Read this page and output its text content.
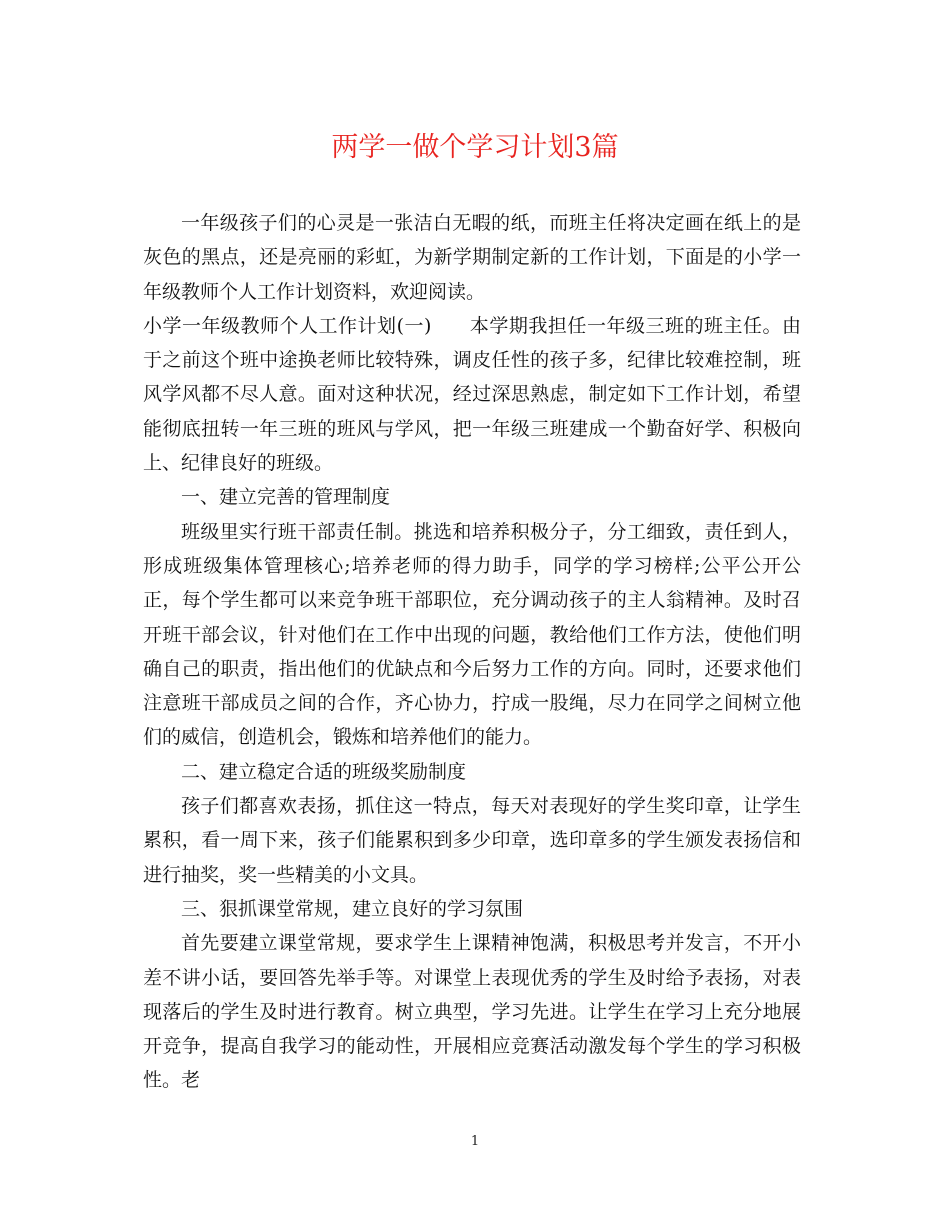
两学一做个学习计划3篇

一年级孩子们的心灵是一张洁白无暇的纸，而班主任将决定画在纸上的是灰色的黑点，还是亮丽的彩虹，为新学期制定新的工作计划，下面是的小学一年级教师个人工作计划资料，欢迎阅读。

小学一年级教师个人工作计划(一) 本学期我担任一年级三班的班主任。由于之前这个班中途换老师比较特殊，调皮任性的孩子多，纪律比较难控制，班风学风都不尽人意。面对这种状况，经过深思熟虑，制定如下工作计划，希望能彻底扭转一年三班的班风与学风，把一年级三班建成一个勤奋好学、积极向上、纪律良好的班级。

一、建立完善的管理制度

班级里实行班干部责任制。挑选和培养积极分子，分工细致，责任到人，形成班级集体管理核心;培养老师的得力助手，同学的学习榜样;公平公开公正，每个学生都可以来竞争班干部职位，充分调动孩子的主人翁精神。及时召开班干部会议，针对他们在工作中出现的问题，教给他们工作方法，使他们明确自己的职责，指出他们的优缺点和今后努力工作的方向。同时，还要求他们注意班干部成员之间的合作，齐心协力，拧成一股绳，尽力在同学之间树立他们的威信，创造机会，锻炼和培养他们的能力。

二、建立稳定合适的班级奖励制度

孩子们都喜欢表扬，抓住这一特点，每天对表现好的学生奖印章，让学生累积，看一周下来，孩子们能累积到多少印章，选印章多的学生颁发表扬信和进行抽奖，奖一些精美的小文具。

三、狠抓课堂常规，建立良好的学习氛围

首先要建立课堂常规，要求学生上课精神饱满，积极思考并发言，不开小差不讲小话，要回答先举手等。对课堂上表现优秀的学生及时给予表扬，对表现落后的学生及时进行教育。树立典型，学习先进。让学生在学习上充分地展开竞争，提高自我学习的能动性，开展相应竞赛活动激发每个学生的学习积极性。老

1
